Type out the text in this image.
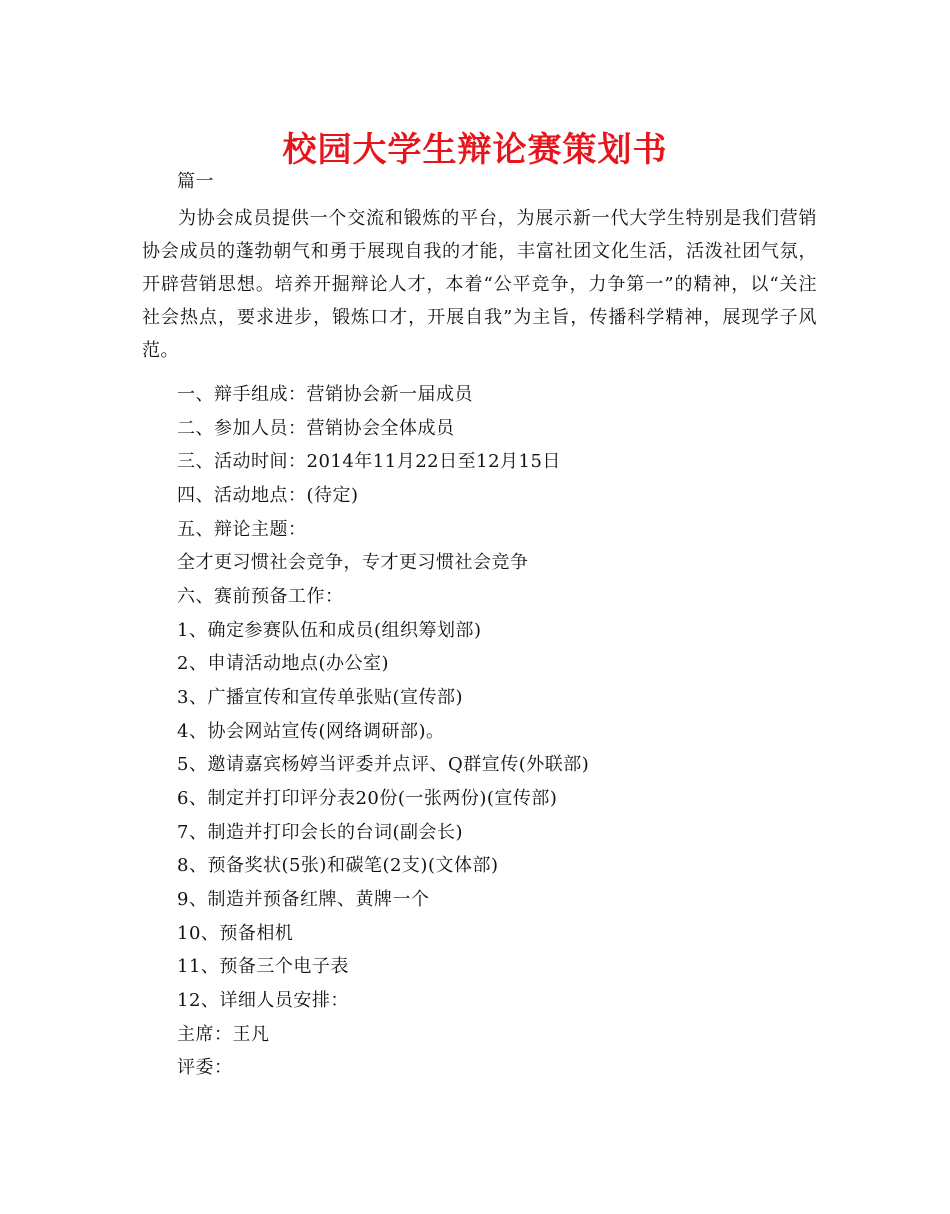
校园大学生辩论赛策划书
篇一
为协会成员提供一个交流和锻炼的平台，为展示新一代大学生特别是我们营销协会成员的蓬勃朝气和勇于展现自我的才能，丰富社团文化生活，活泼社团气氛，开辟营销思想。培养开掘辩论人才，本着“公平竞争，力争第一”的精神，以“关注社会热点，要求进步，锻炼口才，开展自我”为主旨，传播科学精神，展现学子风范。
一、辩手组成：营销协会新一届成员
二、参加人员：营销协会全体成员
三、活动时间：2014年11月22日至12月15日
四、活动地点：(待定)
五、辩论主题：
全才更习惯社会竞争，专才更习惯社会竞争
六、赛前预备工作：
1、确定参赛队伍和成员(组织筹划部)
2、申请活动地点(办公室)
3、广播宣传和宣传单张贴(宣传部)
4、协会网站宣传(网络调研部)。
5、邀请嘉宾杨婷当评委并点评、Q群宣传(外联部)
6、制定并打印评分表20份(一张两份)(宣传部)
7、制造并打印会长的台词(副会长)
8、预备奖状(5张)和碳笔(2支)(文体部)
9、制造并预备红牌、黄牌一个
10、预备相机
11、预备三个电子表
12、详细人员安排：
主席：王凡
评委：
